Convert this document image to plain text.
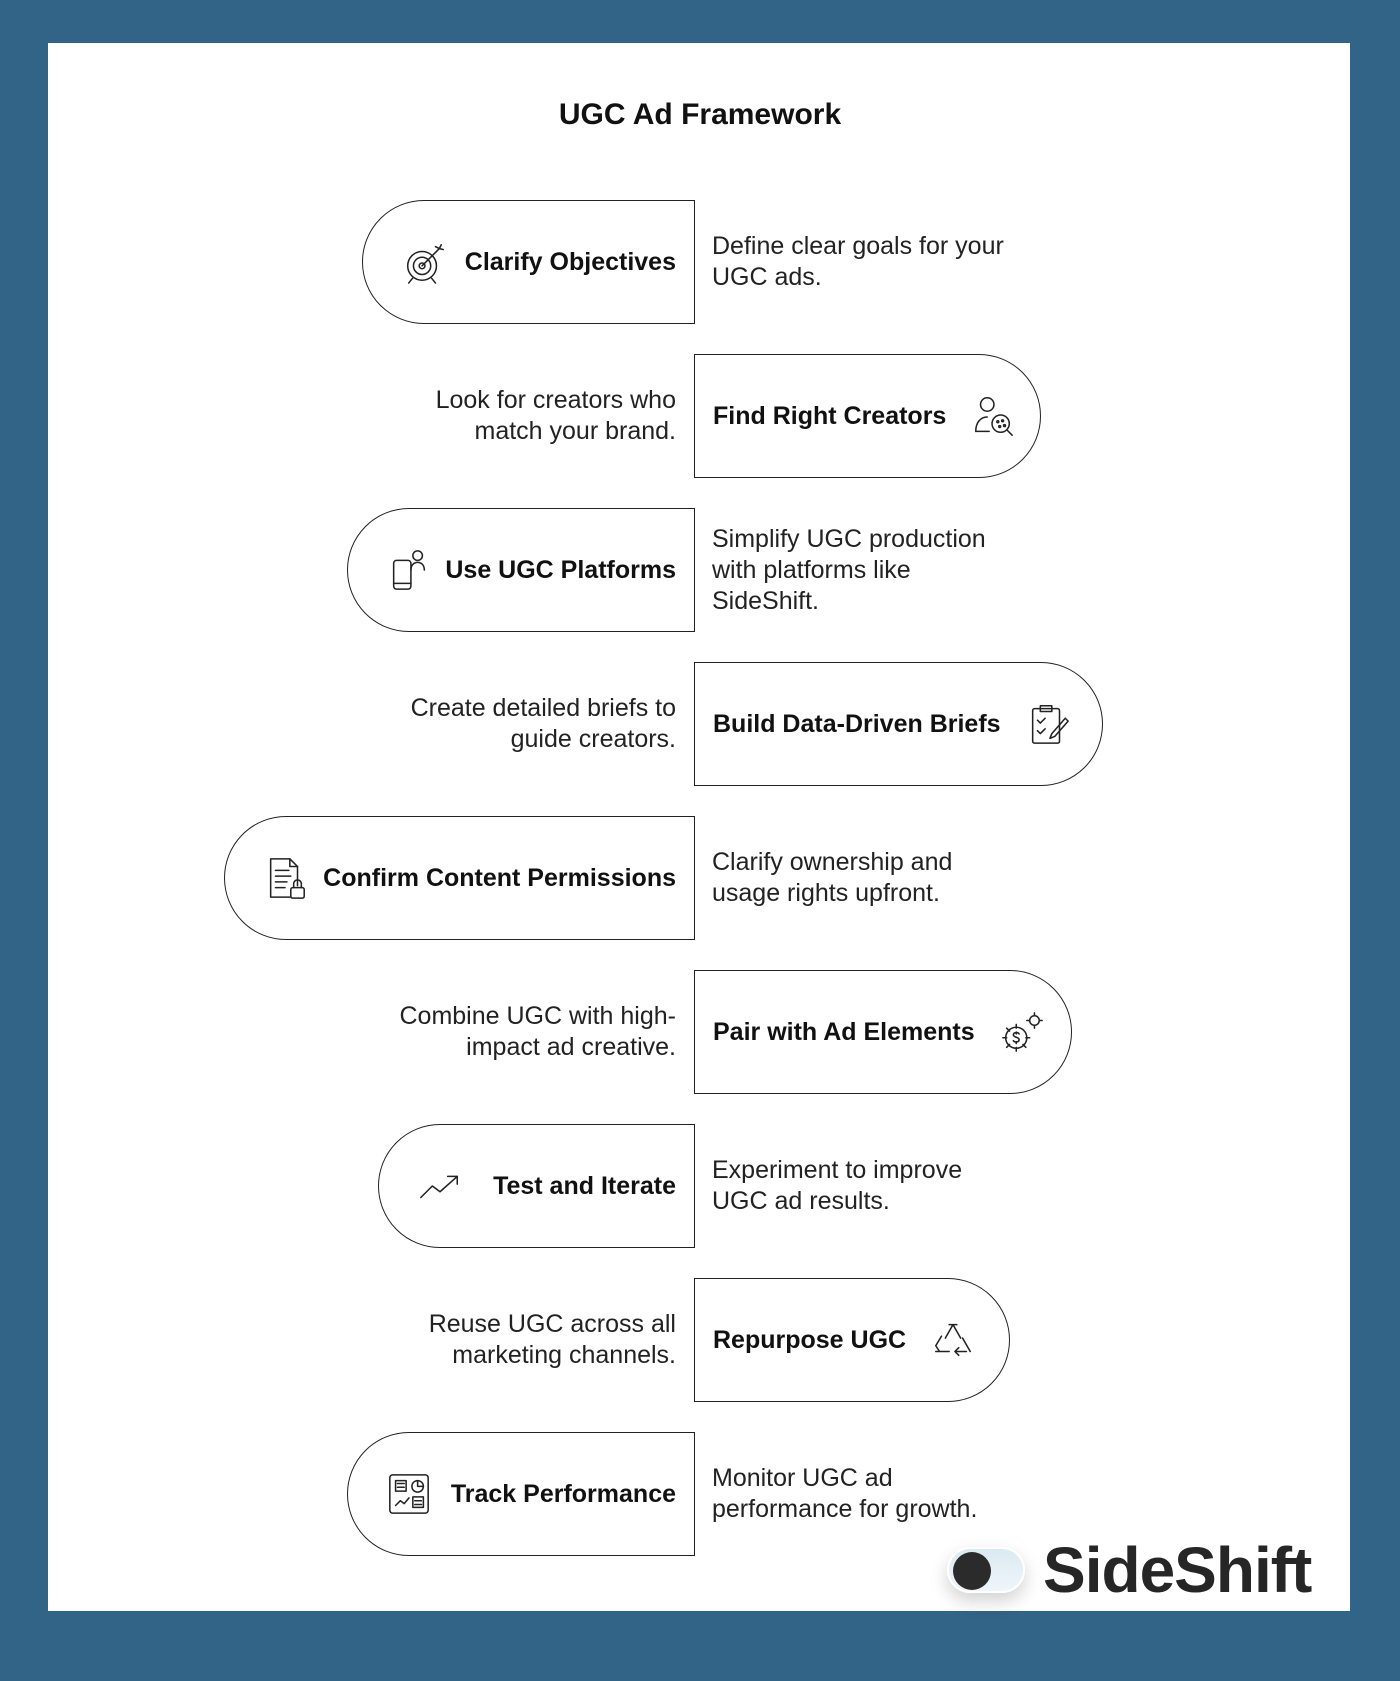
UGC Ad Framework
Clarify Objectives
Define clear goals for your UGC ads.
Find Right Creators
Look for creators who match your brand.
Use UGC Platforms
Simplify UGC production with platforms like SideShift.
Build Data-Driven Briefs
Create detailed briefs to guide creators.
Confirm Content Permissions
Clarify ownership and usage rights upfront.
Pair with Ad Elements
Combine UGC with high-impact ad creative.
Test and Iterate
Experiment to improve UGC ad results.
Repurpose UGC
Reuse UGC across all marketing channels.
Track Performance
Monitor UGC ad performance for growth.
SideShift
